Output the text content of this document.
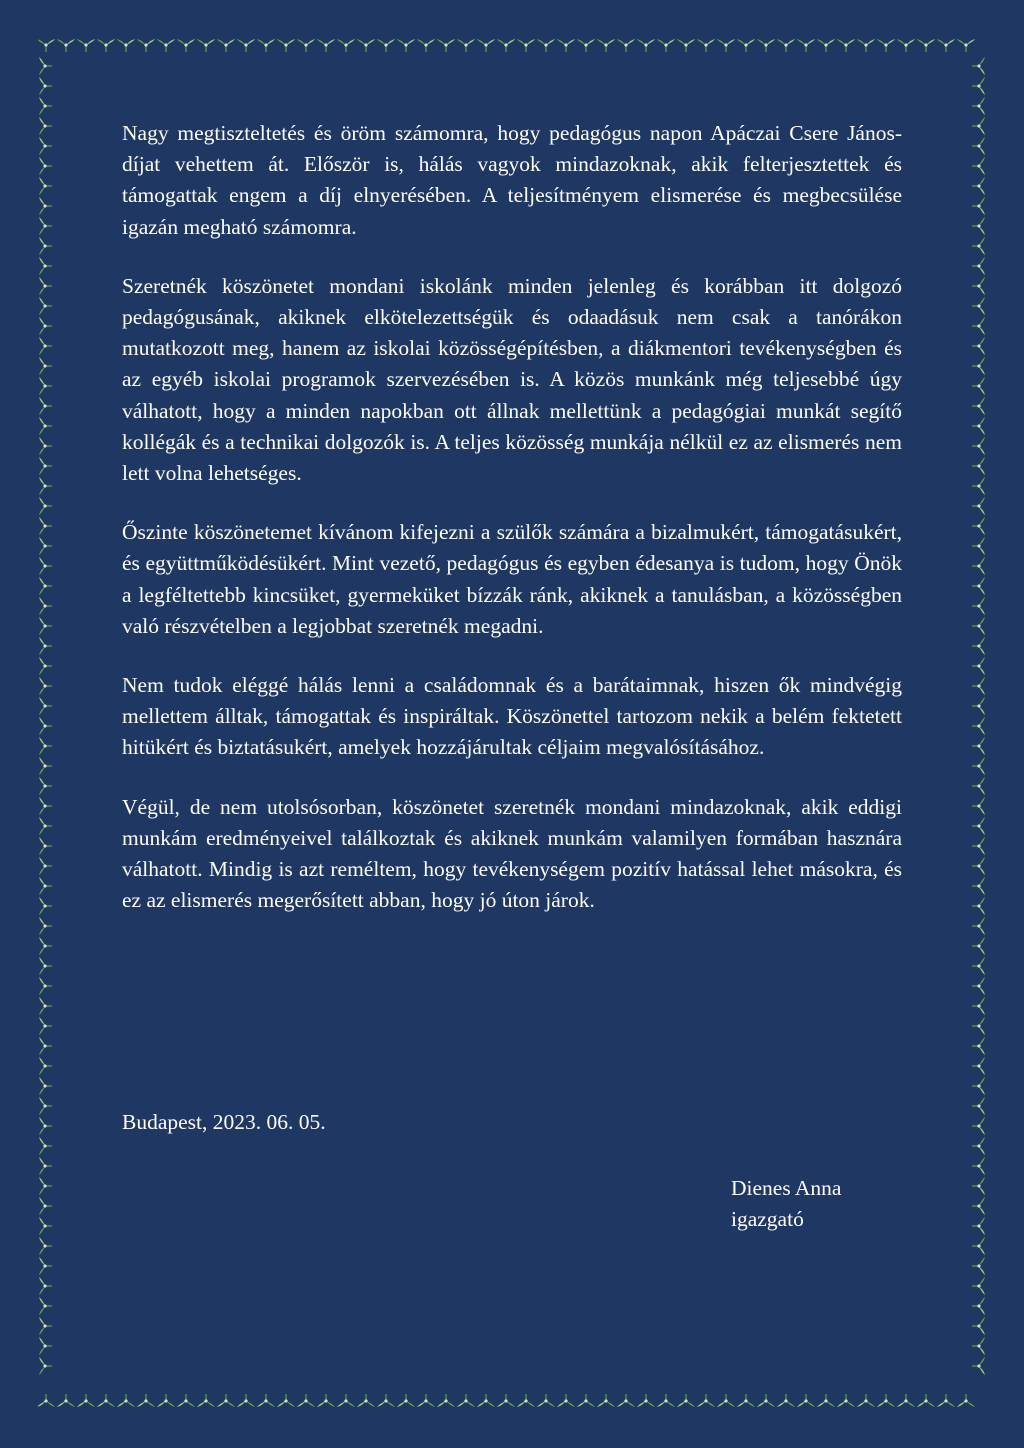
Nagy megtiszteltetés és öröm számomra, hogy pedagógus napon Apáczai Csere János-díjat vehettem át. Először is, hálás vagyok mindazoknak, akik felterjesztettek és támogattak engem a díj elnyerésében. A teljesítményem elismerése és megbecsülése igazán megható számomra.

Szeretnék köszönetet mondani iskolánk minden jelenleg és korábban itt dolgozó pedagógusának, akiknek elkötelezettségük és odaadásuk nem csak a tanórákon mutatkozott meg, hanem az iskolai közösségépítésben, a diákmentori tevékenységben és az egyéb iskolai programok szervezésében is. A közös munkánk még teljesebbé úgy válhatott, hogy a minden napokban ott állnak mellettünk a pedagógiai munkát segítő kollégák és a technikai dolgozók is. A teljes közösség munkája nélkül ez az elismerés nem lett volna lehetséges.

Őszinte köszönetemet kívánom kifejezni a szülők számára a bizalmukért, támogatásukért, és együttműködésükért. Mint vezető, pedagógus és egyben édesanya is tudom, hogy Önök a legféltettebb kincsüket, gyermeküket bízzák ránk, akiknek a tanulásban, a közösségben való részvételben a legjobbat szeretnék megadni.

Nem tudok eléggé hálás lenni a családomnak és a barátaimnak, hiszen ők mindvégig mellettem álltak, támogattak és inspiráltak. Köszönettel tartozom nekik a belém fektetett hitükért és biztatásukért, amelyek hozzájárultak céljaim megvalósításához.

Végül, de nem utolsósorban, köszönetet szeretnék mondani mindazoknak, akik eddigi munkám eredményeivel találkoztak és akiknek munkám valamilyen formában hasznára válhatott. Mindig is azt reméltem, hogy tevékenységem pozitív hatással lehet másokra, és ez az elismerés megerősített abban, hogy jó úton járok.

Budapest, 2023. 06. 05.
Dienes Anna
igazgató
